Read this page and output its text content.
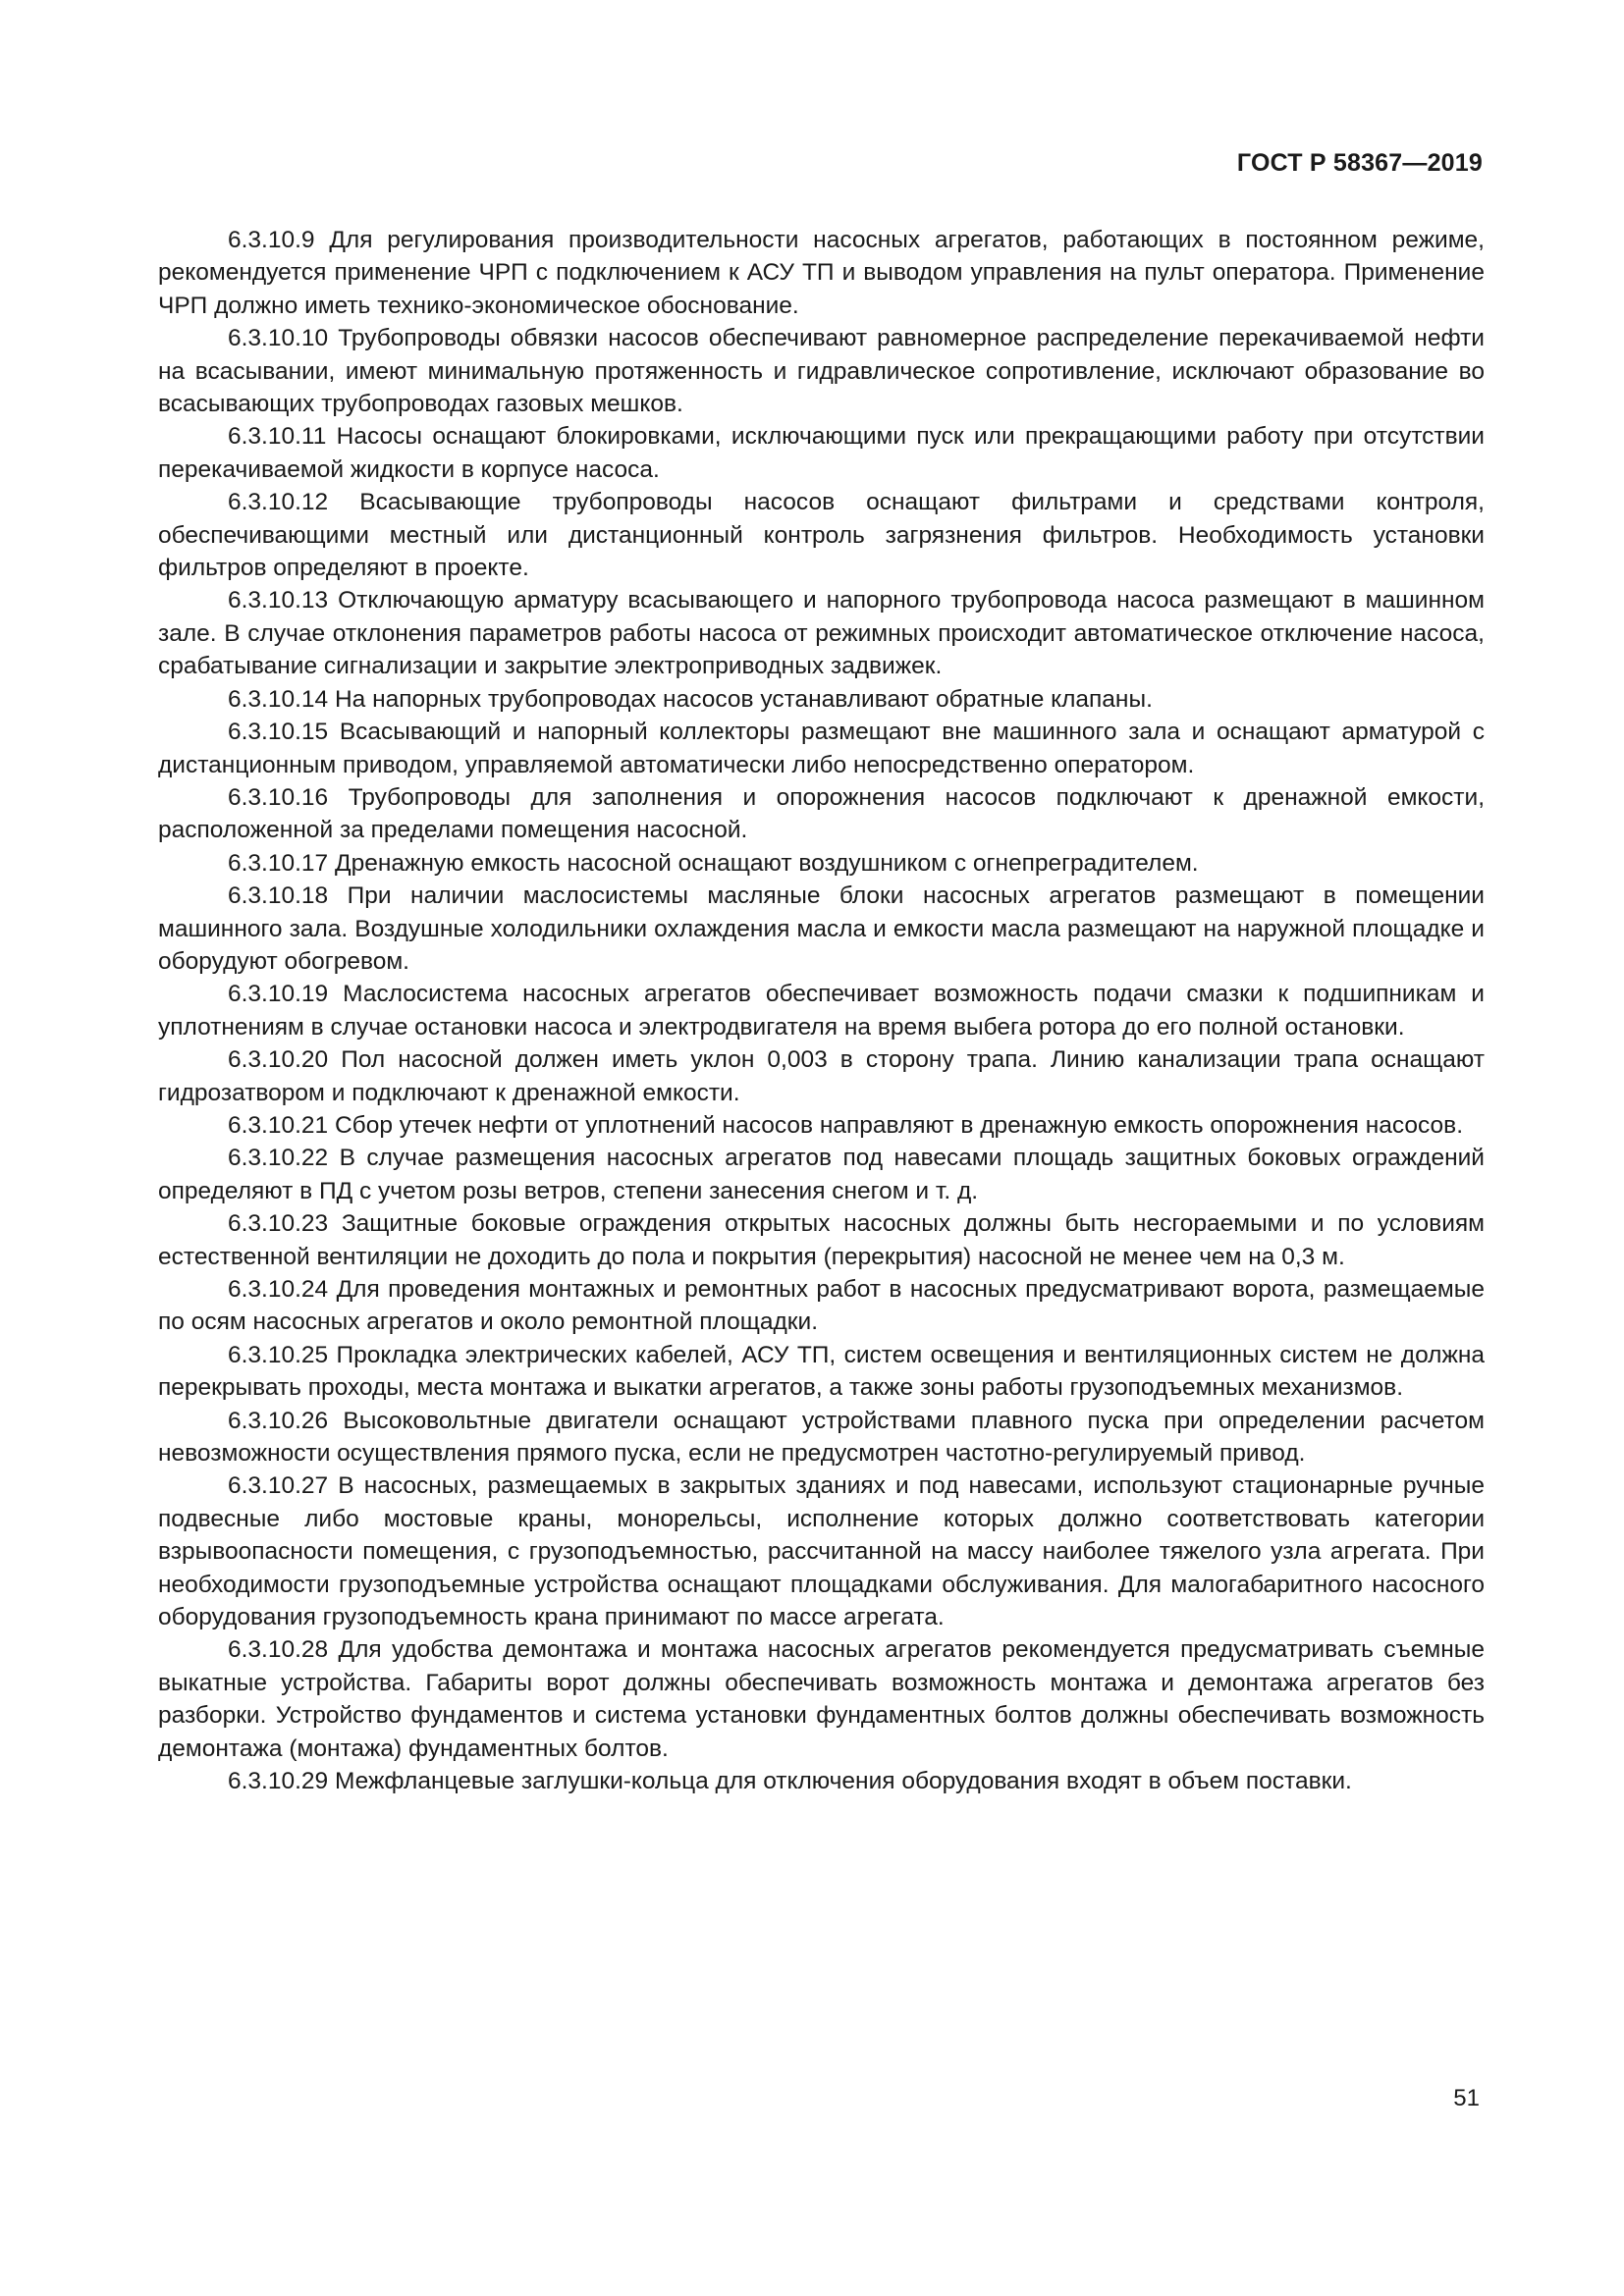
ГОСТ Р 58367—2019

6.3.10.9 Для регулирования производительности насосных агрегатов, работающих в постоянном режиме, рекомендуется применение ЧРП с подключением к АСУ ТП и выводом управления на пульт оператора. Применение ЧРП должно иметь технико-экономическое обоснование.

6.3.10.10 Трубопроводы обвязки насосов обеспечивают равномерное распределение перекачиваемой нефти на всасывании, имеют минимальную протяженность и гидравлическое сопротивление, исключают образование во всасывающих трубопроводах газовых мешков.

6.3.10.11 Насосы оснащают блокировками, исключающими пуск или прекращающими работу при отсутствии перекачиваемой жидкости в корпусе насоса.

6.3.10.12 Всасывающие трубопроводы насосов оснащают фильтрами и средствами контроля, обеспечивающими местный или дистанционный контроль загрязнения фильтров. Необходимость установки фильтров определяют в проекте.

6.3.10.13 Отключающую арматуру всасывающего и напорного трубопровода насоса размещают в машинном зале. В случае отклонения параметров работы насоса от режимных происходит автоматическое отключение насоса, срабатывание сигнализации и закрытие электроприводных задвижек.

6.3.10.14 На напорных трубопроводах насосов устанавливают обратные клапаны.

6.3.10.15 Всасывающий и напорный коллекторы размещают вне машинного зала и оснащают арматурой с дистанционным приводом, управляемой автоматически либо непосредственно оператором.

6.3.10.16 Трубопроводы для заполнения и опорожнения насосов подключают к дренажной емкости, расположенной за пределами помещения насосной.

6.3.10.17 Дренажную емкость насосной оснащают воздушником с огнепреградителем.

6.3.10.18 При наличии маслосистемы масляные блоки насосных агрегатов размещают в помещении машинного зала. Воздушные холодильники охлаждения масла и емкости масла размещают на наружной площадке и оборудуют обогревом.

6.3.10.19 Маслосистема насосных агрегатов обеспечивает возможность подачи смазки к подшипникам и уплотнениям в случае остановки насоса и электродвигателя на время выбега ротора до его полной остановки.

6.3.10.20 Пол насосной должен иметь уклон 0,003 в сторону трапа. Линию канализации трапа оснащают гидрозатвором и подключают к дренажной емкости.

6.3.10.21 Сбор утечек нефти от уплотнений насосов направляют в дренажную емкость опорожнения насосов.

6.3.10.22 В случае размещения насосных агрегатов под навесами площадь защитных боковых ограждений определяют в ПД с учетом розы ветров, степени занесения снегом и т. д.

6.3.10.23 Защитные боковые ограждения открытых насосных должны быть несгораемыми и по условиям естественной вентиляции не доходить до пола и покрытия (перекрытия) насосной не менее чем на 0,3 м.

6.3.10.24 Для проведения монтажных и ремонтных работ в насосных предусматривают ворота, размещаемые по осям насосных агрегатов и около ремонтной площадки.

6.3.10.25 Прокладка электрических кабелей, АСУ ТП, систем освещения и вентиляционных систем не должна перекрывать проходы, места монтажа и выкатки агрегатов, а также зоны работы грузоподъемных механизмов.

6.3.10.26 Высоковольтные двигатели оснащают устройствами плавного пуска при определении расчетом невозможности осуществления прямого пуска, если не предусмотрен частотно-регулируемый привод.

6.3.10.27 В насосных, размещаемых в закрытых зданиях и под навесами, используют стационарные ручные подвесные либо мостовые краны, монорельсы, исполнение которых должно соответствовать категории взрывоопасности помещения, с грузоподъемностью, рассчитанной на массу наиболее тяжелого узла агрегата. При необходимости грузоподъемные устройства оснащают площадками обслуживания. Для малогабаритного насосного оборудования грузоподъемность крана принимают по массе агрегата.

6.3.10.28 Для удобства демонтажа и монтажа насосных агрегатов рекомендуется предусматривать съемные выкатные устройства. Габариты ворот должны обеспечивать возможность монтажа и демонтажа агрегатов без разборки. Устройство фундаментов и система установки фундаментных болтов должны обеспечивать возможность демонтажа (монтажа) фундаментных болтов.

6.3.10.29 Межфланцевые заглушки-кольца для отключения оборудования входят в объем поставки.

51
